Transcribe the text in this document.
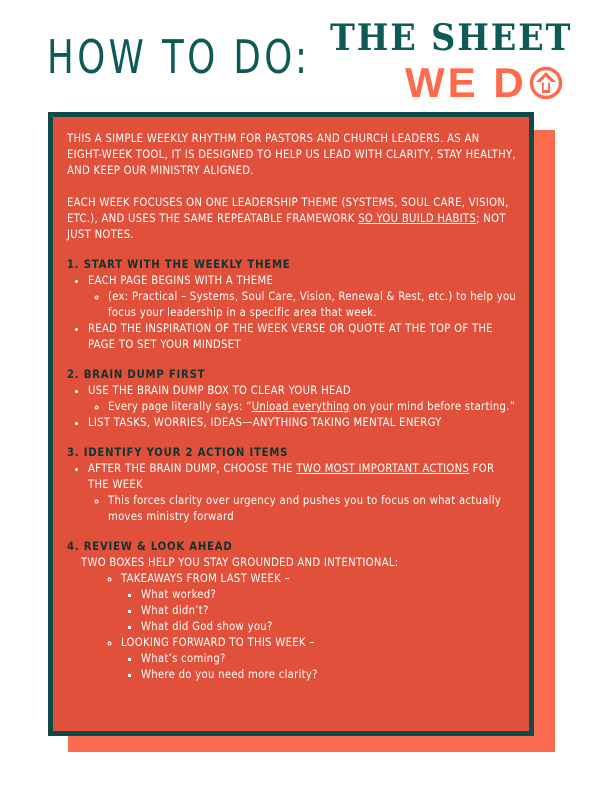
HOW TO DO: THE SHEET
WE D

THIS A SIMPLE WEEKLY RHYTHM FOR PASTORS AND CHURCH LEADERS. AS AN EIGHT-WEEK TOOL, IT IS DESIGNED TO HELP US LEAD WITH CLARITY, STAY HEALTHY, AND KEEP OUR MINISTRY ALIGNED.

EACH WEEK FOCUSES ON ONE LEADERSHIP THEME (SYSTEMS, SOUL CARE, VISION, ETC.), AND USES THE SAME REPEATABLE FRAMEWORK SO YOU BUILD HABITS; NOT JUST NOTES.

1. START WITH THE WEEKLY THEME

• EACH PAGE BEGINS WITH A THEME
◦ (ex: Practical – Systems, Soul Care, Vision, Renewal & Rest, etc.) to help you focus your leadership in a specific area that week.
• READ THE INSPIRATION OF THE WEEK VERSE OR QUOTE AT THE TOP OF THE PAGE TO SET YOUR MINDSET

2. BRAIN DUMP FIRST

• USE THE BRAIN DUMP BOX TO CLEAR YOUR HEAD
◦ Every page literally says: “Unload everything on your mind before starting.”
• LIST TASKS, WORRIES, IDEAS—ANYTHING TAKING MENTAL ENERGY

3. IDENTIFY YOUR 2 ACTION ITEMS

• AFTER THE BRAIN DUMP, CHOOSE THE TWO MOST IMPORTANT ACTIONS FOR THE WEEK
◦ This forces clarity over urgency and pushes you to focus on what actually moves ministry forward

4. REVIEW & LOOK AHEAD

TWO BOXES HELP YOU STAY GROUNDED AND INTENTIONAL:

◦ TAKEAWAYS FROM LAST WEEK –
▪ What worked?
▪ What didn’t?
▪ What did God show you?
◦ LOOKING FORWARD TO THIS WEEK –
▪ What’s coming?
▪ Where do you need more clarity?
